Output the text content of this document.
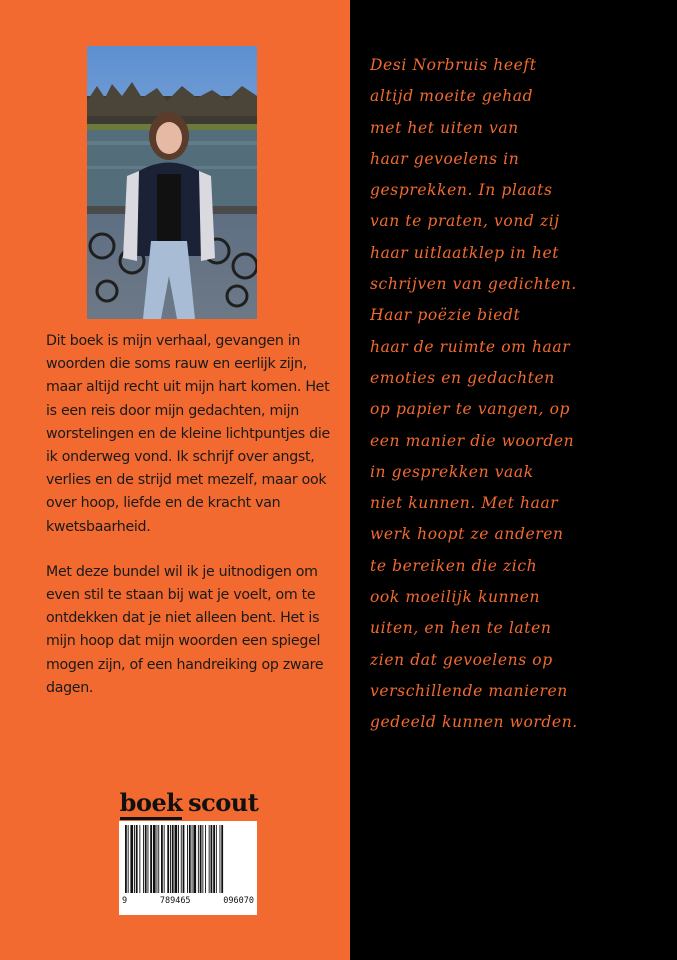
Dit boek is mijn verhaal, gevangen in woorden die soms rauw en eerlijk zijn, maar altijd recht uit mijn hart komen. Het is een reis door mijn gedachten, mijn worstelingen en de kleine lichtpuntjes die ik onderweg vond. Ik schrijf over angst, verlies en de strijd met mezelf, maar ook over hoop, liefde en de kracht van kwetsbaarheid.

Met deze bundel wil ik je uitnodigen om even stil te staan bij wat je voelt, om te ontdekken dat je niet alleen bent. Het is mijn hoop dat mijn woorden een spiegel mogen zijn, of een handreiking op zware dagen.

boek·scout
9	789465	096070
Desi Norbruis heeft
altijd moeite gehad
met het uiten van
haar gevoelens in
gesprekken. In plaats
van te praten, vond zij
haar uitlaatklep in het
schrijven van gedichten.
Haar poëzie biedt
haar de ruimte om haar
emoties en gedachten
op papier te vangen, op
een manier die woorden
in gesprekken vaak
niet kunnen. Met haar
werk hoopt ze anderen
te bereiken die zich
ook moeilijk kunnen
uiten, en hen te laten
zien dat gevoelens op
verschillende manieren
gedeeld kunnen worden.
